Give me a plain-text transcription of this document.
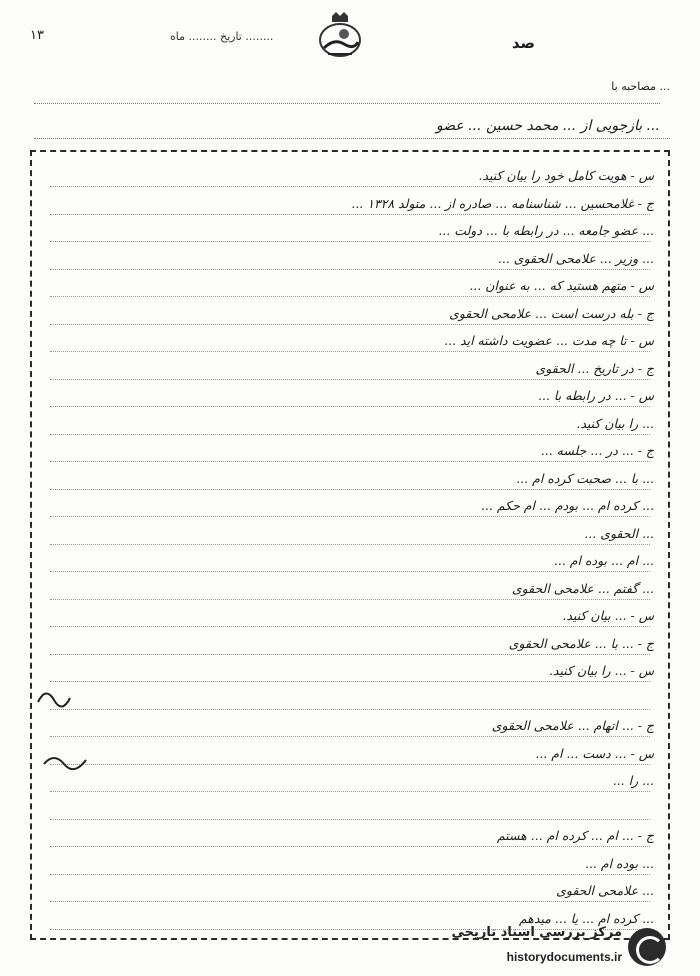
۱۳	تاریخ ........ ماه ........	صد
مصاحبه با ...
بازجویی از ... محمد حسین ... عضو ...
س - هویت کامل خود را بیان کنید.
ج - غلامحسین ... شناسنامه ... صادره از ... متولد ۱۳۲۸ ...
... عضو جامعه ... در رابطه با ... دولت ...
... وزیر ... علامحی الحقوی ...
س - متهم هستید که ... به عنوان ...
ج - بله درست است ... علامحی الحقوی
س - تا چه مدت ... عضویت داشته اید ...
ج - در تاریخ ... الحقوی
س - ... در رابطه با ...
... را بیان کنید.
ج - ... در ... جلسه ...
... با ... صحبت کرده ام ...
... کرده ام ... بودم ... ام حکم ...
... الحقوی ...
... ام ... بوده ام ...
... گفتم ... علامحی الحقوی
س - ... بیان کنید.
ج - ... با ... علامحی الحقوی
س - ... را بیان کنید.
ج - ... اتهام ... علامحی الحقوی
س - ... دست ... ام ...
... را ...
ج - ... ام ... کرده ام ... هستم
... بوده ام ...
... علامحی الحقوی
... کرده ام ... یا ... میدهم
مرکز بررسی اسناد تاریخی
historydocuments.ir
